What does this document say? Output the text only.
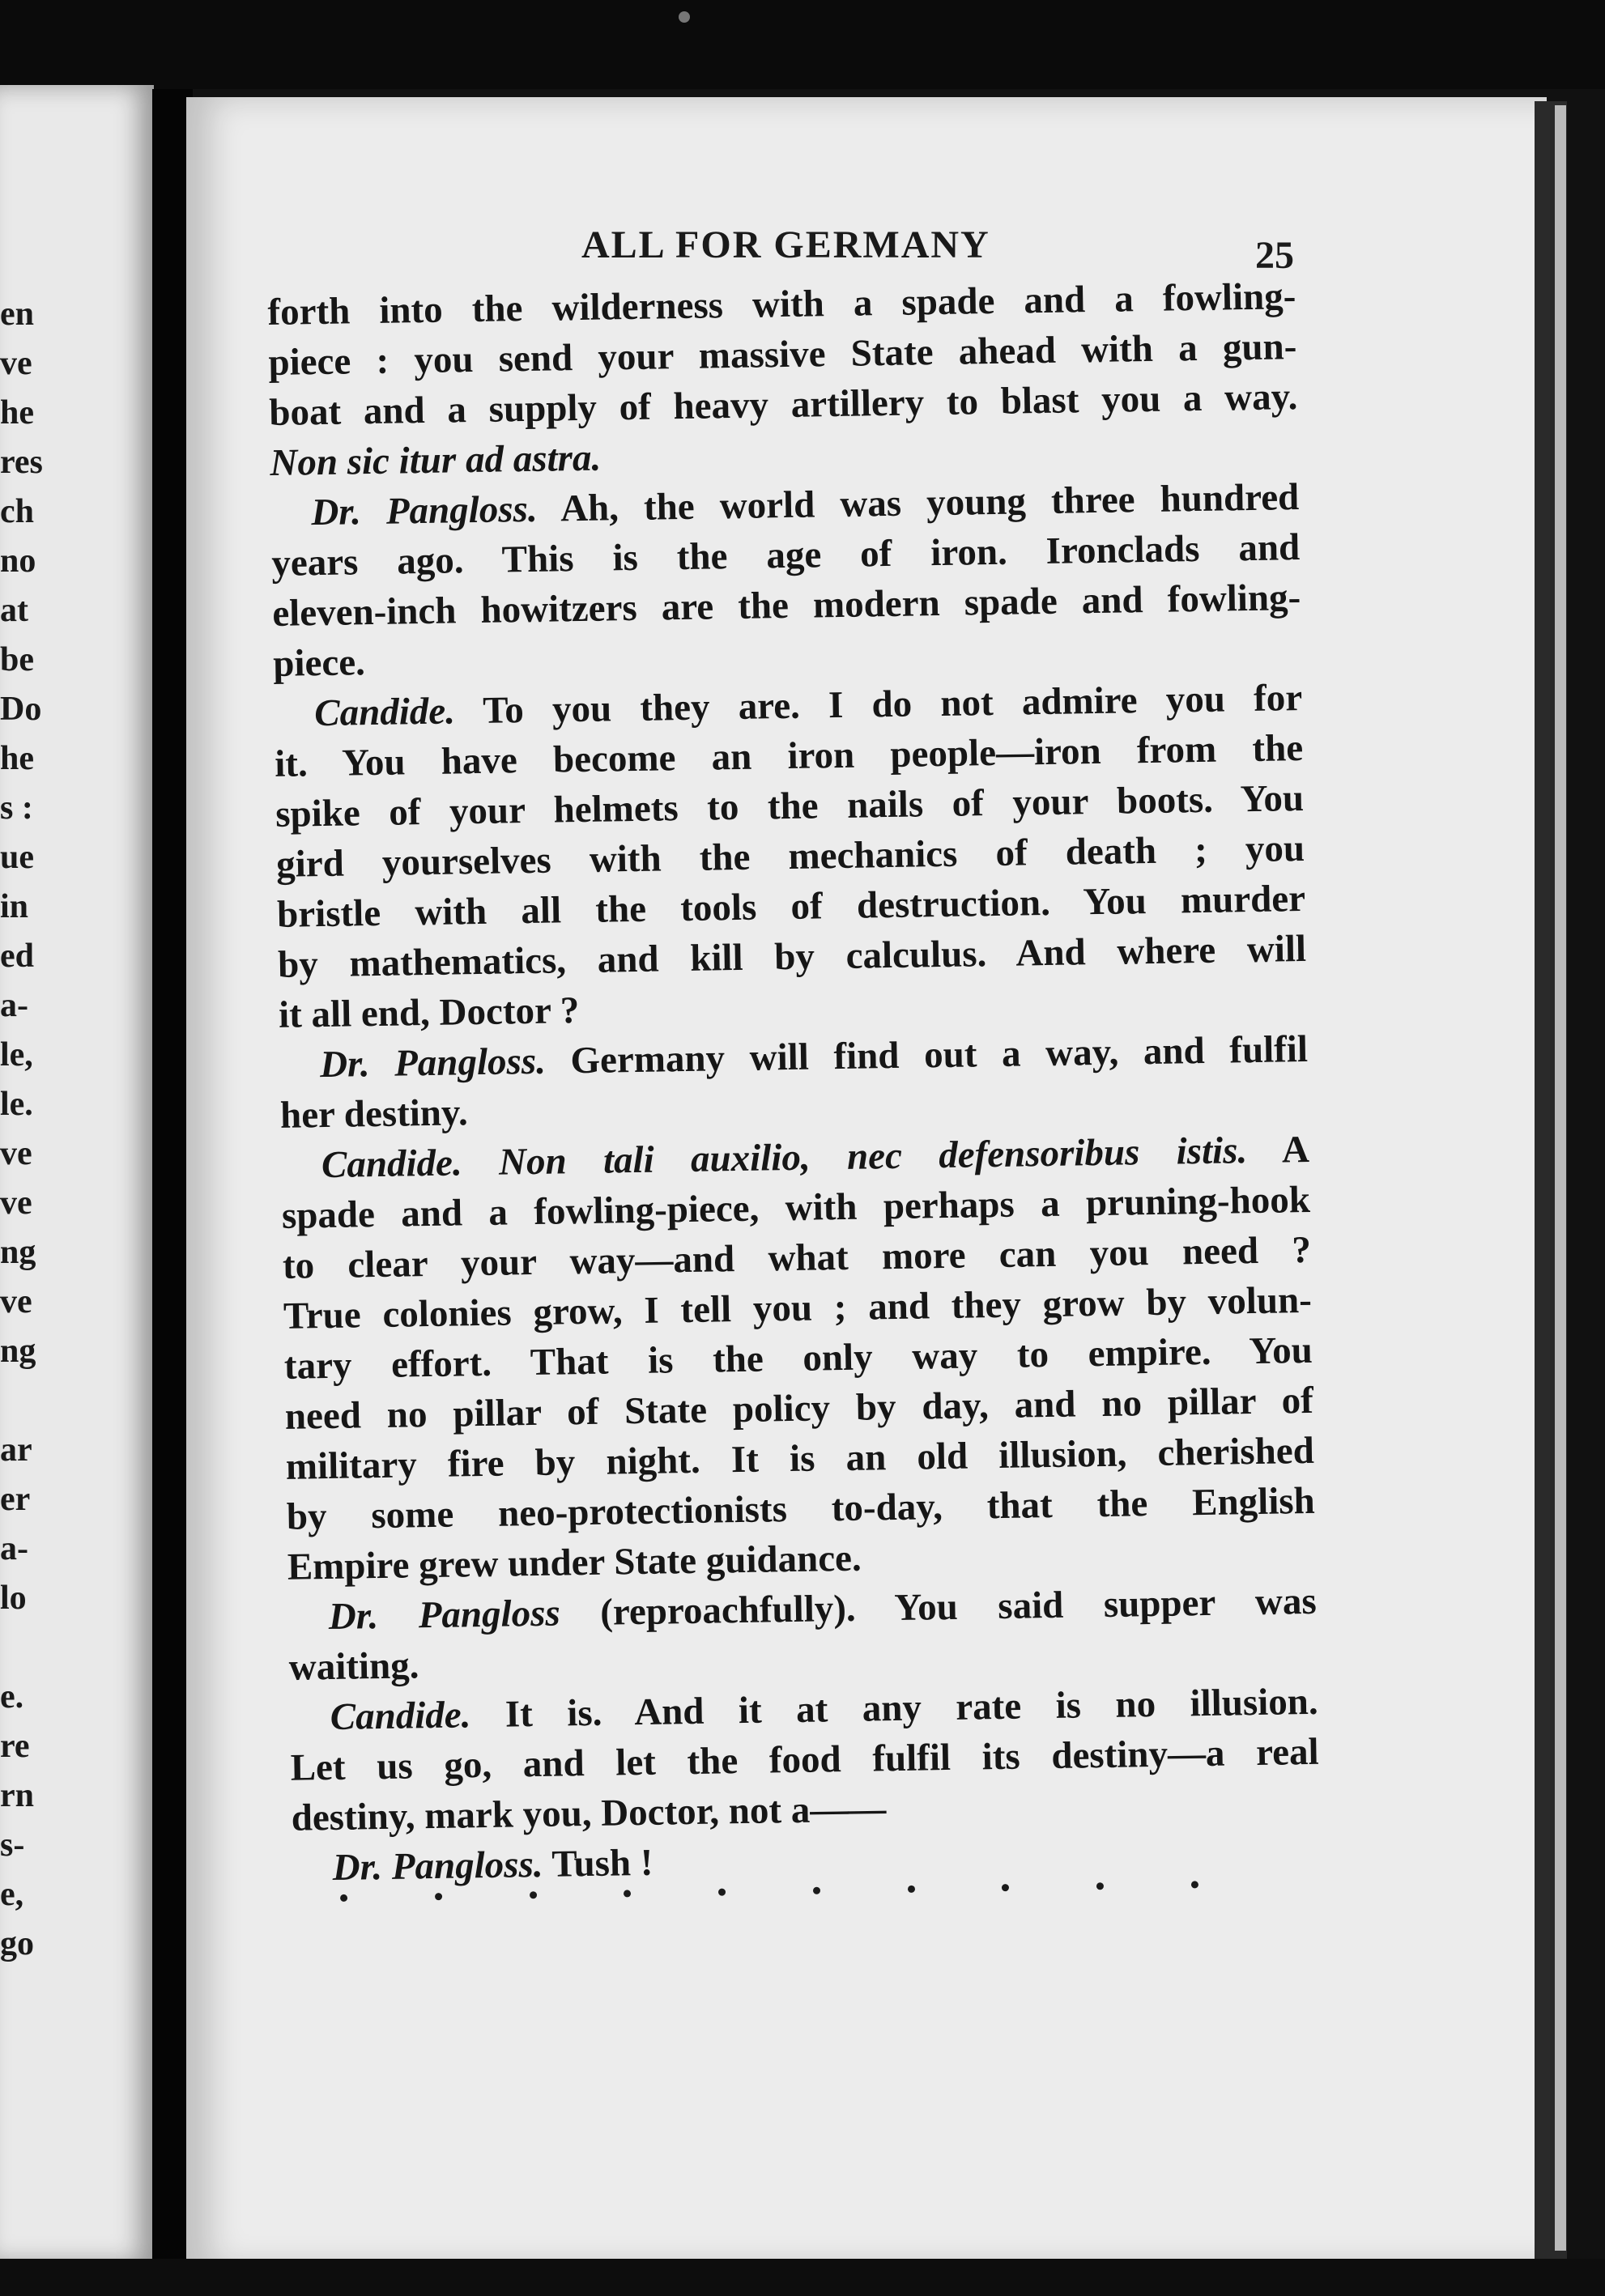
en
ve
he
res
ch
no
at
be
Do
he
s :
ue
in
ed
a-
le,
le.
ve
ve
ng
ve
ng
ar
er
a-
lo
e.
re
rn
s-
e,
go
ALL FOR GERMANY	25
forth into the wilderness with a spade and a fowling-
piece : you send your massive State ahead with a gun-
boat and a supply of heavy artillery to blast you a way.
Non sic itur ad astra.
Dr. Pangloss. Ah, the world was young three hundred
years ago. This is the age of iron. Ironclads and
eleven-inch howitzers are the modern spade and fowling-
piece.
Candide. To you they are. I do not admire you for
it. You have become an iron people—iron from the
spike of your helmets to the nails of your boots. You
gird yourselves with the mechanics of death ; you
bristle with all the tools of destruction. You murder
by mathematics, and kill by calculus. And where will
it all end, Doctor ?
Dr. Pangloss. Germany will find out a way, and fulfil
her destiny.
Candide. Non tali auxilio, nec defensoribus istis. A
spade and a fowling-piece, with perhaps a pruning-hook
to clear your way—and what more can you need ?
True colonies grow, I tell you ; and they grow by volun-
tary effort. That is the only way to empire. You
need no pillar of State policy by day, and no pillar of
military fire by night. It is an old illusion, cherished
by some neo-protectionists to-day, that the English
Empire grew under State guidance.
Dr. Pangloss (reproachfully). You said supper was
waiting.
Candide. It is. And it at any rate is no illusion.
Let us go, and let the food fulfil its destiny—a real
destiny, mark you, Doctor, not a——
Dr. Pangloss. Tush !
